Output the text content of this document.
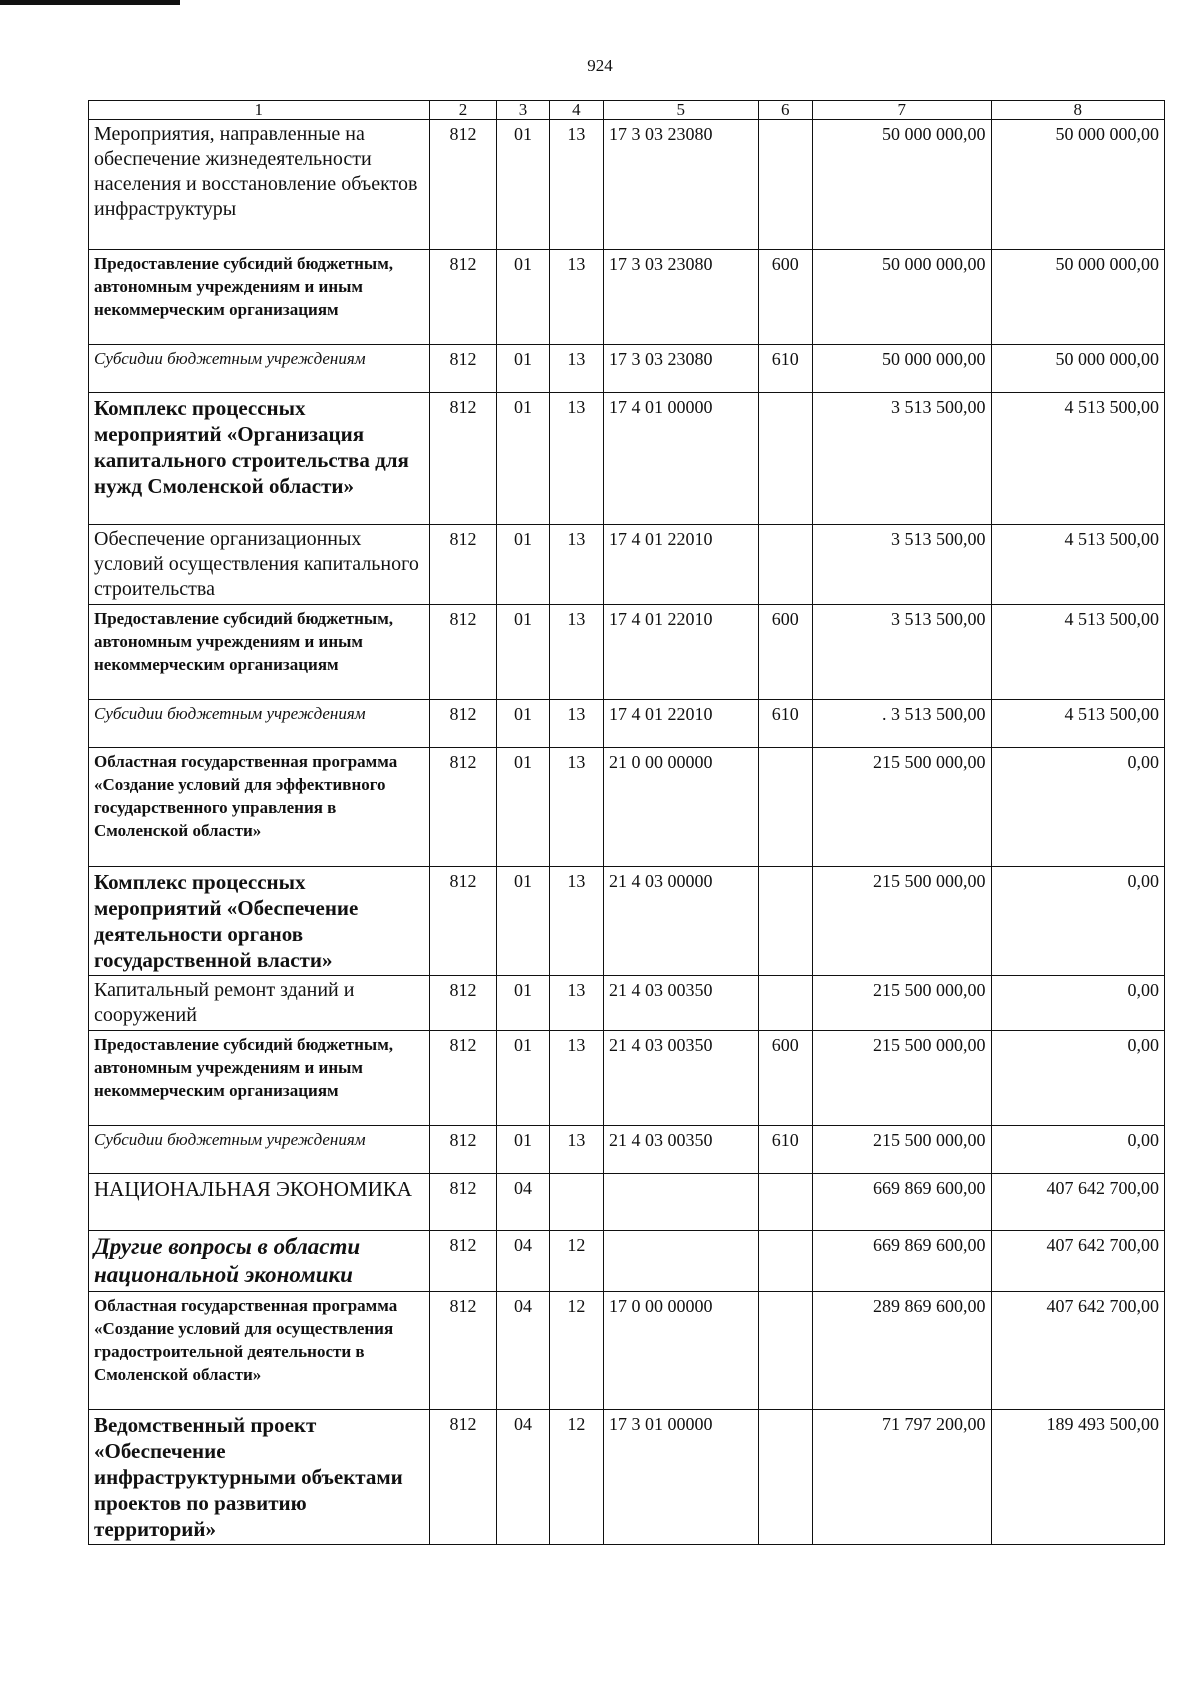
924
1	2	3	4	5	6	7	8
Мероприятия, направленные на обеспечение жизнедеятельности населения и восстановление объектов инфраструктуры	812	01	13	17 3 03 23080		50 000 000,00	50 000 000,00
Предоставление субсидий бюджетным, автономным учреждениям и иным некоммерческим организациям	812	01	13	17 3 03 23080	600	50 000 000,00	50 000 000,00
Субсидии бюджетным учреждениям	812	01	13	17 3 03 23080	610	50 000 000,00	50 000 000,00
Комплекс процессных мероприятий «Организация капитального строительства для нужд Смоленской области»	812	01	13	17 4 01 00000		3 513 500,00	4 513 500,00
Обеспечение организационных условий осуществления капитального строительства	812	01	13	17 4 01 22010		3 513 500,00	4 513 500,00
Предоставление субсидий бюджетным, автономным учреждениям и иным некоммерческим организациям	812	01	13	17 4 01 22010	600	3 513 500,00	4 513 500,00
Субсидии бюджетным учреждениям	812	01	13	17 4 01 22010	610	. 3 513 500,00	4 513 500,00
Областная государственная программа «Создание условий для эффективного государственного управления в Смоленской области»	812	01	13	21 0 00 00000		215 500 000,00	0,00
Комплекс процессных мероприятий «Обеспечение деятельности органов государственной власти»	812	01	13	21 4 03 00000		215 500 000,00	0,00
Капитальный ремонт зданий и сооружений	812	01	13	21 4 03 00350		215 500 000,00	0,00
Предоставление субсидий бюджетным, автономным учреждениям и иным некоммерческим организациям	812	01	13	21 4 03 00350	600	215 500 000,00	0,00
Субсидии бюджетным учреждениям	812	01	13	21 4 03 00350	610	215 500 000,00	0,00
НАЦИОНАЛЬНАЯ ЭКОНОМИКА	812	04				669 869 600,00	407 642 700,00
Другие вопросы в области национальной экономики	812	04	12			669 869 600,00	407 642 700,00
Областная государственная программа «Создание условий для осуществления градостроительной деятельности в Смоленской области»	812	04	12	17 0 00 00000		289 869 600,00	407 642 700,00
Ведомственный проект «Обеспечение инфраструктурными объектами проектов по развитию территорий»	812	04	12	17 3 01 00000		71 797 200,00	189 493 500,00
